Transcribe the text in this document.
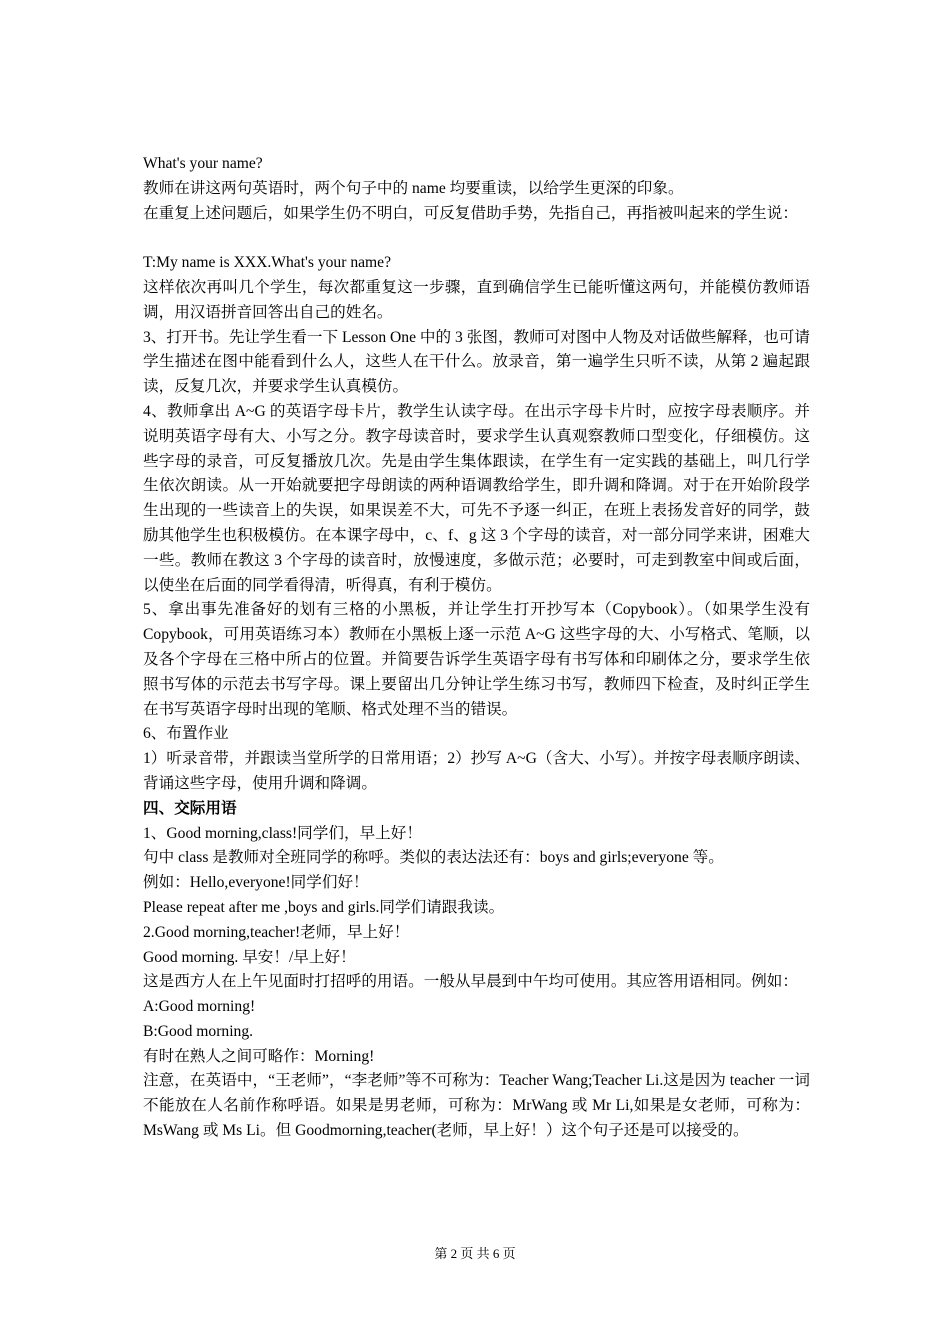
What's your name?

教师在讲这两句英语时，两个句子中的 name 均要重读，以给学生更深的印象。

在重复上述问题后，如果学生仍不明白，可反复借助手势，先指自己，再指被叫起来的学生说：

T:My name is XXX.What's your name?

这样依次再叫几个学生，每次都重复这一步骤，直到确信学生已能听懂这两句，并能模仿教师语调，用汉语拼音回答出自己的姓名。

3、打开书。先让学生看一下 Lesson One 中的 3 张图，教师可对图中人物及对话做些解释，也可请学生描述在图中能看到什么人，这些人在干什么。放录音，第一遍学生只听不读，从第 2 遍起跟读，反复几次，并要求学生认真模仿。

4、教师拿出 A~G 的英语字母卡片，教学生认读字母。在出示字母卡片时，应按字母表顺序。并说明英语字母有大、小写之分。教字母读音时，要求学生认真观察教师口型变化，仔细模仿。这些字母的录音，可反复播放几次。先是由学生集体跟读，在学生有一定实践的基础上，叫几行学生依次朗读。从一开始就要把字母朗读的两种语调教给学生，即升调和降调。对于在开始阶段学生出现的一些读音上的失误，如果误差不大，可先不予逐一纠正，在班上表扬发音好的同学，鼓励其他学生也积极模仿。在本课字母中，c、f、g 这 3 个字母的读音，对一部分同学来讲，困难大一些。教师在教这 3 个字母的读音时，放慢速度，多做示范；必要时，可走到教室中间或后面，以使坐在后面的同学看得清，听得真，有利于模仿。

5、拿出事先准备好的划有三格的小黑板，并让学生打开抄写本（Copybook）。（如果学生没有 Copybook，可用英语练习本）教师在小黑板上逐一示范 A~G 这些字母的大、小写格式、笔顺，以及各个字母在三格中所占的位置。并简要告诉学生英语字母有书写体和印刷体之分，要求学生依照书写体的示范去书写字母。课上要留出几分钟让学生练习书写，教师四下检查，及时纠正学生在书写英语字母时出现的笔顺、格式处理不当的错误。

6、布置作业

1）听录音带，并跟读当堂所学的日常用语；2）抄写 A~G（含大、小写）。并按字母表顺序朗读、背诵这些字母，使用升调和降调。

四、交际用语

1、Good morning,class!同学们，早上好！

句中 class 是教师对全班同学的称呼。类似的表达法还有：boys and girls;everyone 等。

例如：Hello,everyone!同学们好！

Please repeat after me ,boys and girls.同学们请跟我读。

2.Good morning,teacher!老师，早上好！

Good morning. 早安！/早上好！

这是西方人在上午见面时打招呼的用语。一般从早晨到中午均可使用。其应答用语相同。例如：

A:Good morning!

B:Good morning.

有时在熟人之间可略作：Morning!

注意，在英语中，“王老师”，“李老师”等不可称为：Teacher Wang;Teacher Li.这是因为 teacher 一词不能放在人名前作称呼语。如果是男老师，可称为：MrWang 或 Mr Li,如果是女老师，可称为：MsWang 或 Ms Li。但 Goodmorning,teacher(老师，早上好！）这个句子还是可以接受的。

第 2 页 共 6 页
